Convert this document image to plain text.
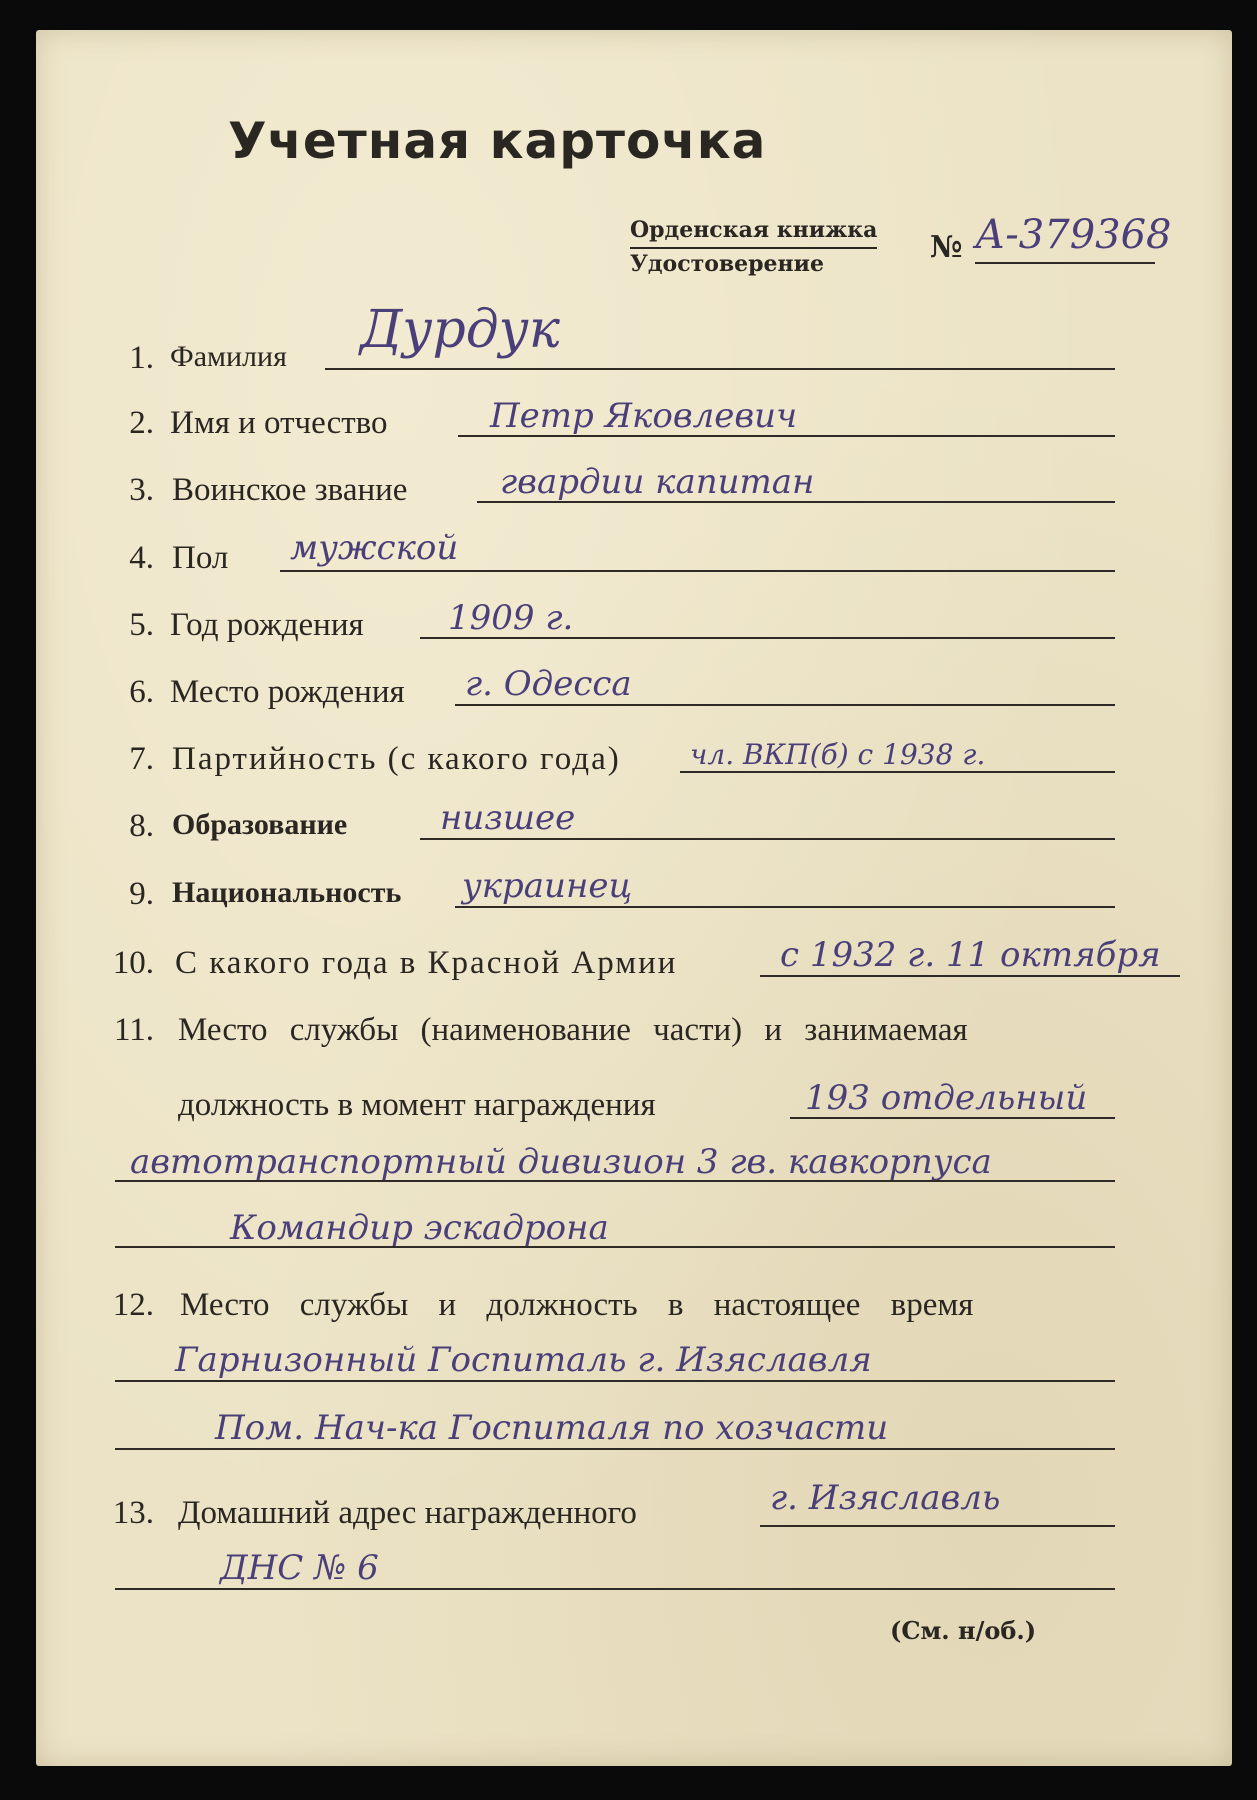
Учетная карточка
Орденская книжка
Удостоверение	№ А-379368
1. Фамилия Дурдук
2. Имя и отчество	Петр Яковлевич
3. Воинское звание	гвардии капитан
4. Пол мужской
5. Год рождения 1909 г.
6. Место рождения г. Одесса
7. Партийность (с какого года) чл. ВКП(б) с 1938 г.
8. Образование	низшее
9. Национальность украинец
10. С какого года в Красной Армии	с 1932 г. 11 октября
11. Место службы (наименование части) и занимаемая
должность в момент награждения	193 отдельный
автотранспортный дивизион 3 гв. кавкорпуса
Командир эскадрона
12. Место службы и должность в настоящее время
Гарнизонный Госпиталь г. Изяславля
Пом. Нач-ка Госпиталя по хозчасти
13. Домашний адрес награжденного	г. Изяславль
ДНС № 6
(См. н/об.)
